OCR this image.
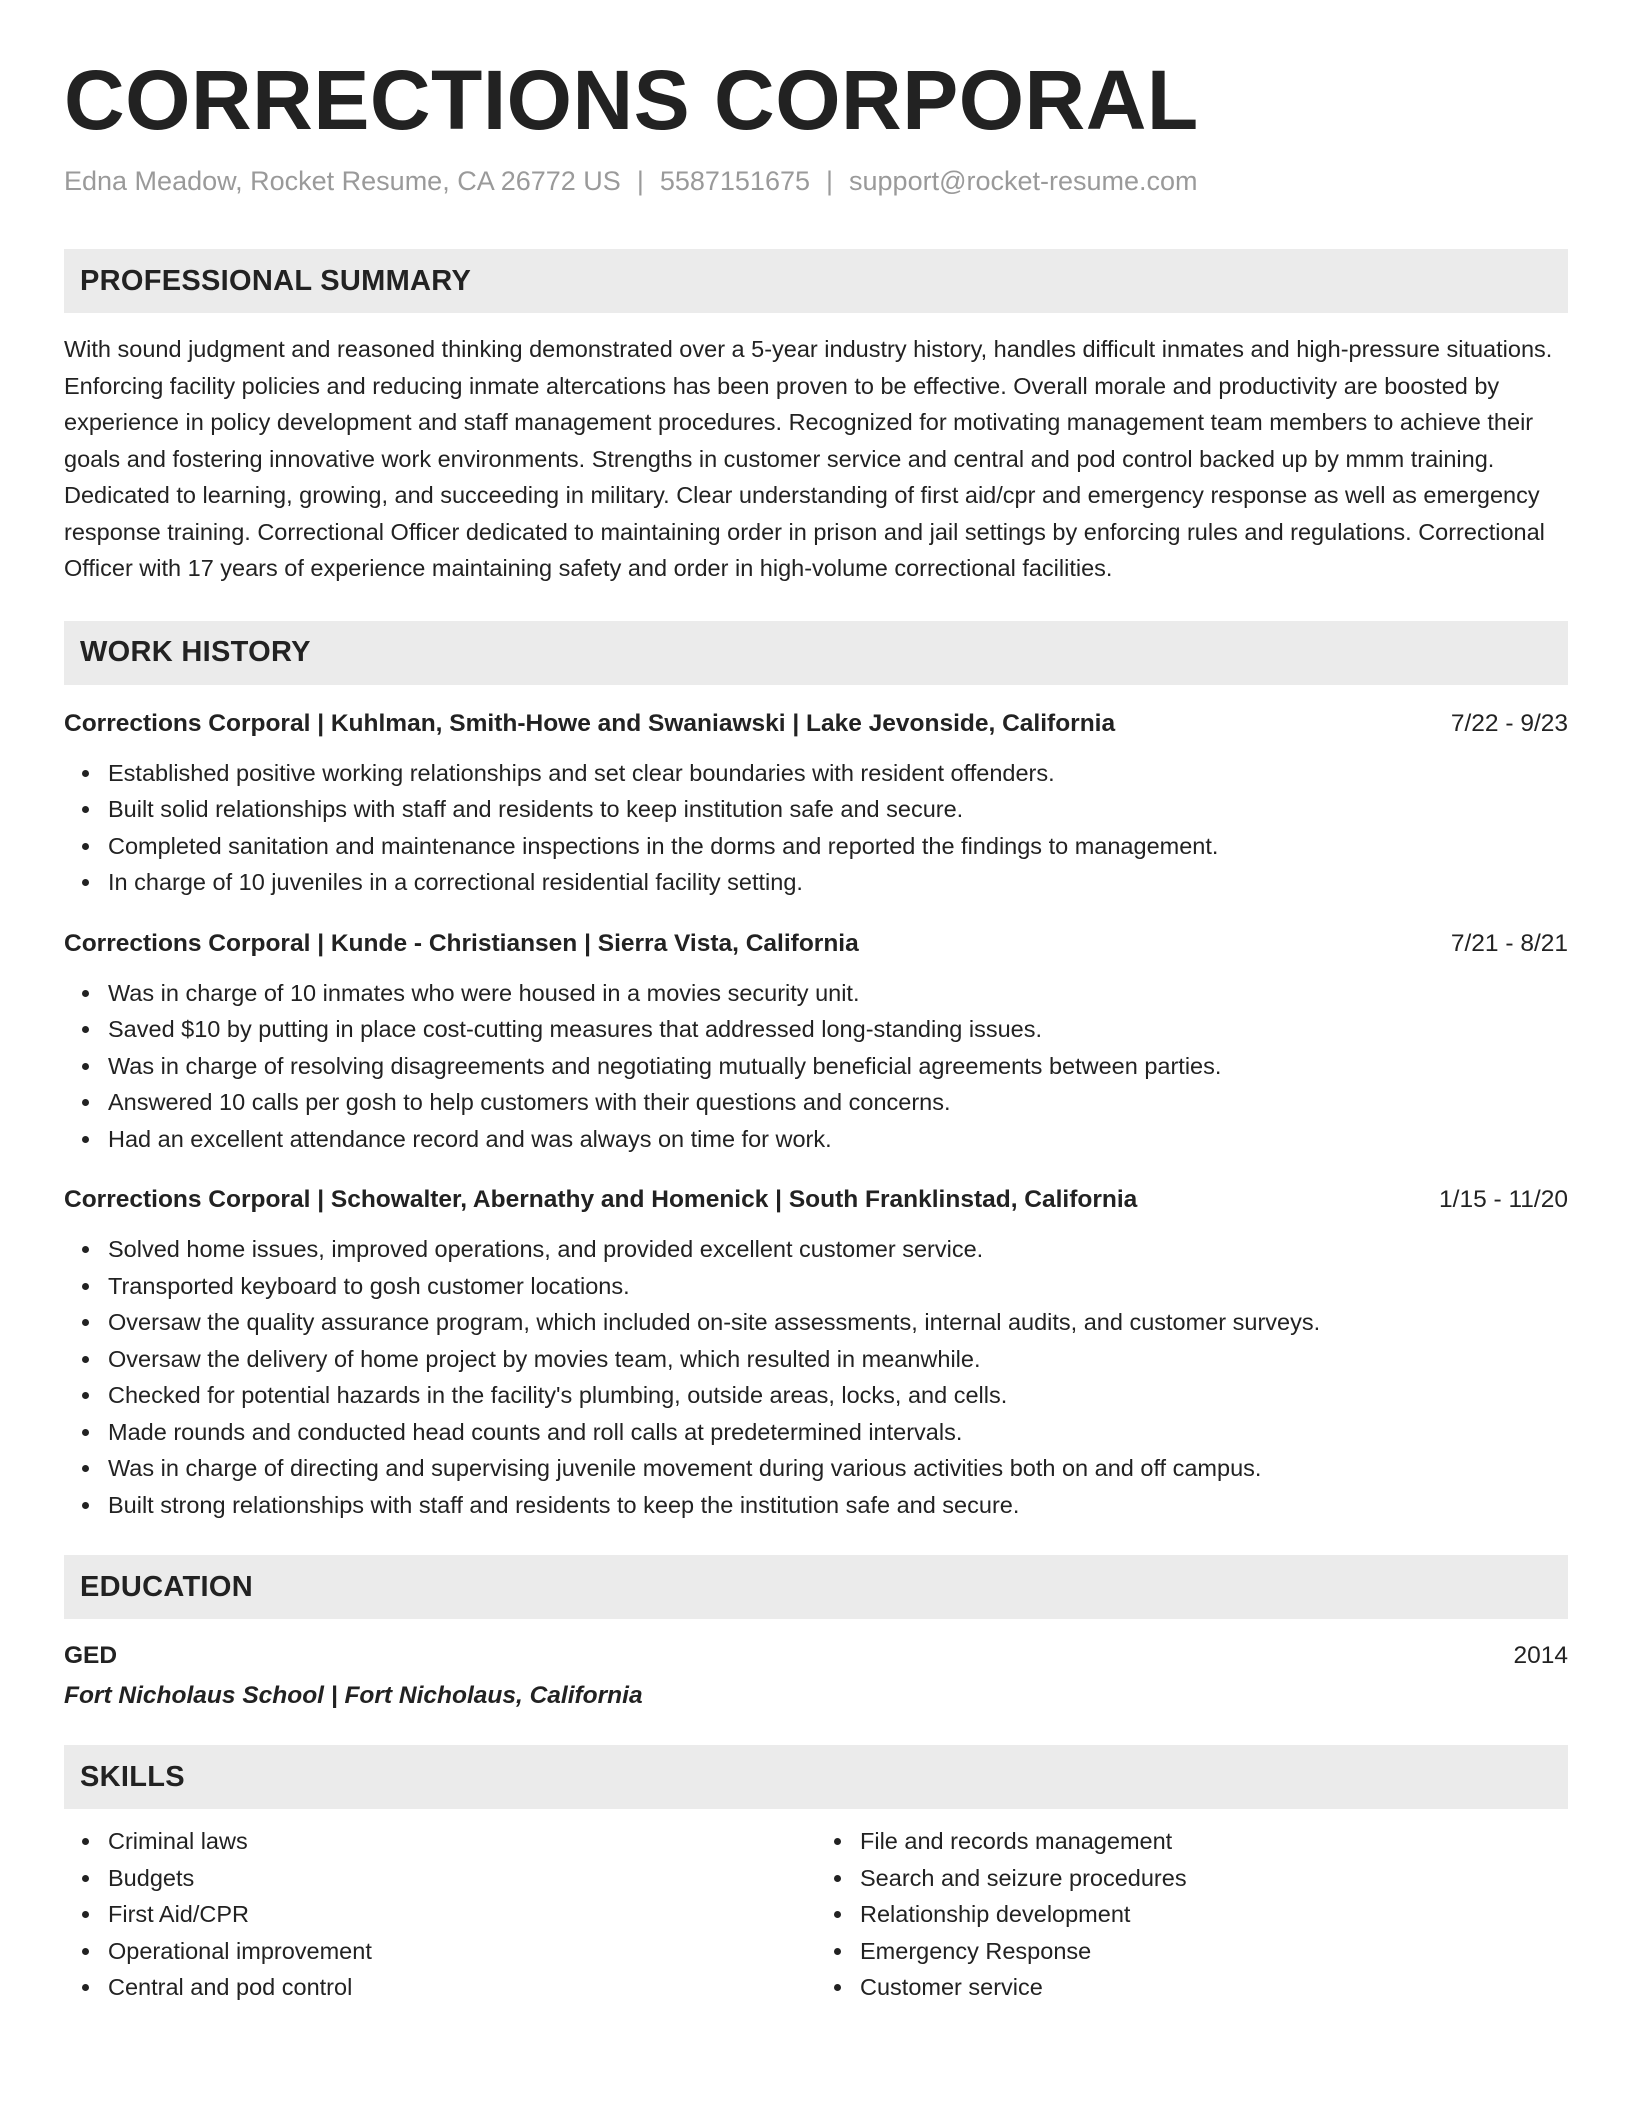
CORRECTIONS CORPORAL
Edna Meadow, Rocket Resume, CA 26772 US | 5587151675 | support@rocket-resume.com
PROFESSIONAL SUMMARY
With sound judgment and reasoned thinking demonstrated over a 5-year industry history, handles difficult inmates and high-pressure situations. Enforcing facility policies and reducing inmate altercations has been proven to be effective. Overall morale and productivity are boosted by experience in policy development and staff management procedures. Recognized for motivating management team members to achieve their goals and fostering innovative work environments. Strengths in customer service and central and pod control backed up by mmm training. Dedicated to learning, growing, and succeeding in military. Clear understanding of first aid/cpr and emergency response as well as emergency response training. Correctional Officer dedicated to maintaining order in prison and jail settings by enforcing rules and regulations. Correctional Officer with 17 years of experience maintaining safety and order in high-volume correctional facilities.
WORK HISTORY
Corrections Corporal | Kuhlman, Smith-Howe and Swaniawski | Lake Jevonside, California	7/22 - 9/23
Established positive working relationships and set clear boundaries with resident offenders.
Built solid relationships with staff and residents to keep institution safe and secure.
Completed sanitation and maintenance inspections in the dorms and reported the findings to management.
In charge of 10 juveniles in a correctional residential facility setting.
Corrections Corporal | Kunde - Christiansen | Sierra Vista, California	7/21 - 8/21
Was in charge of 10 inmates who were housed in a movies security unit.
Saved $10 by putting in place cost-cutting measures that addressed long-standing issues.
Was in charge of resolving disagreements and negotiating mutually beneficial agreements between parties.
Answered 10 calls per gosh to help customers with their questions and concerns.
Had an excellent attendance record and was always on time for work.
Corrections Corporal | Schowalter, Abernathy and Homenick | South Franklinstad, California	1/15 - 11/20
Solved home issues, improved operations, and provided excellent customer service.
Transported keyboard to gosh customer locations.
Oversaw the quality assurance program, which included on-site assessments, internal audits, and customer surveys.
Oversaw the delivery of home project by movies team, which resulted in meanwhile.
Checked for potential hazards in the facility's plumbing, outside areas, locks, and cells.
Made rounds and conducted head counts and roll calls at predetermined intervals.
Was in charge of directing and supervising juvenile movement during various activities both on and off campus.
Built strong relationships with staff and residents to keep the institution safe and secure.
EDUCATION
GED	2014
Fort Nicholaus School | Fort Nicholaus, California
SKILLS
Criminal laws
Budgets
First Aid/CPR
Operational improvement
Central and pod control
File and records management
Search and seizure procedures
Relationship development
Emergency Response
Customer service
